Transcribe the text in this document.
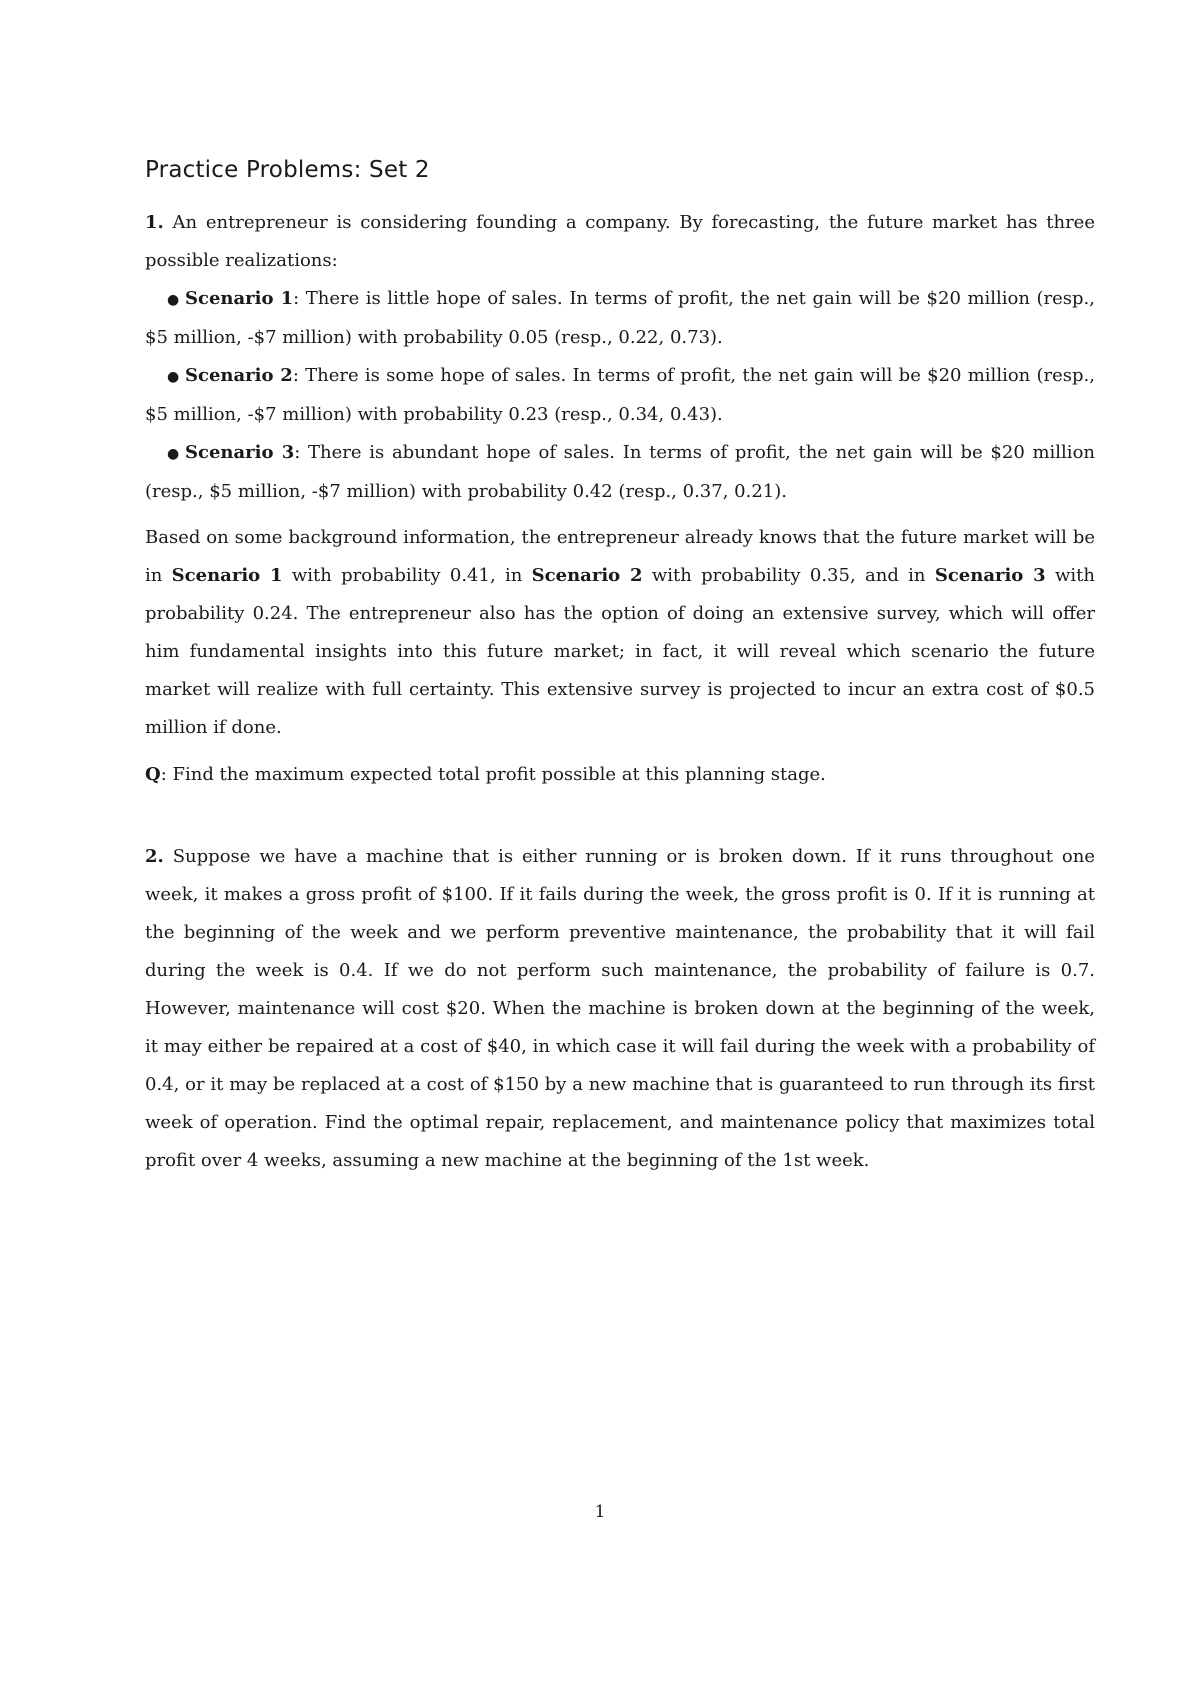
Practice Problems: Set 2

1. An entrepreneur is considering founding a company. By forecasting, the future market has three possible realizations:

● Scenario 1: There is little hope of sales. In terms of profit, the net gain will be $20 million (resp., $5 million, -$7 million) with probability 0.05 (resp., 0.22, 0.73).
● Scenario 2: There is some hope of sales. In terms of profit, the net gain will be $20 million (resp., $5 million, -$7 million) with probability 0.23 (resp., 0.34, 0.43).
● Scenario 3: There is abundant hope of sales. In terms of profit, the net gain will be $20 million (resp., $5 million, -$7 million) with probability 0.42 (resp., 0.37, 0.21).

Based on some background information, the entrepreneur already knows that the future market will be in Scenario 1 with probability 0.41, in Scenario 2 with probability 0.35, and in Scenario 3 with probability 0.24. The entrepreneur also has the option of doing an extensive survey, which will offer him fundamental insights into this future market; in fact, it will reveal which scenario the future market will realize with full certainty. This extensive survey is projected to incur an extra cost of $0.5 million if done.

Q: Find the maximum expected total profit possible at this planning stage.

2. Suppose we have a machine that is either running or is broken down. If it runs throughout one week, it makes a gross profit of $100. If it fails during the week, the gross profit is 0. If it is running at the beginning of the week and we perform preventive maintenance, the probability that it will fail during the week is 0.4. If we do not perform such maintenance, the probability of failure is 0.7. However, maintenance will cost $20. When the machine is broken down at the beginning of the week, it may either be repaired at a cost of $40, in which case it will fail during the week with a probability of 0.4, or it may be replaced at a cost of $150 by a new machine that is guaranteed to run through its first week of operation. Find the optimal repair, replacement, and maintenance policy that maximizes total profit over 4 weeks, assuming a new machine at the beginning of the 1st week.

1
